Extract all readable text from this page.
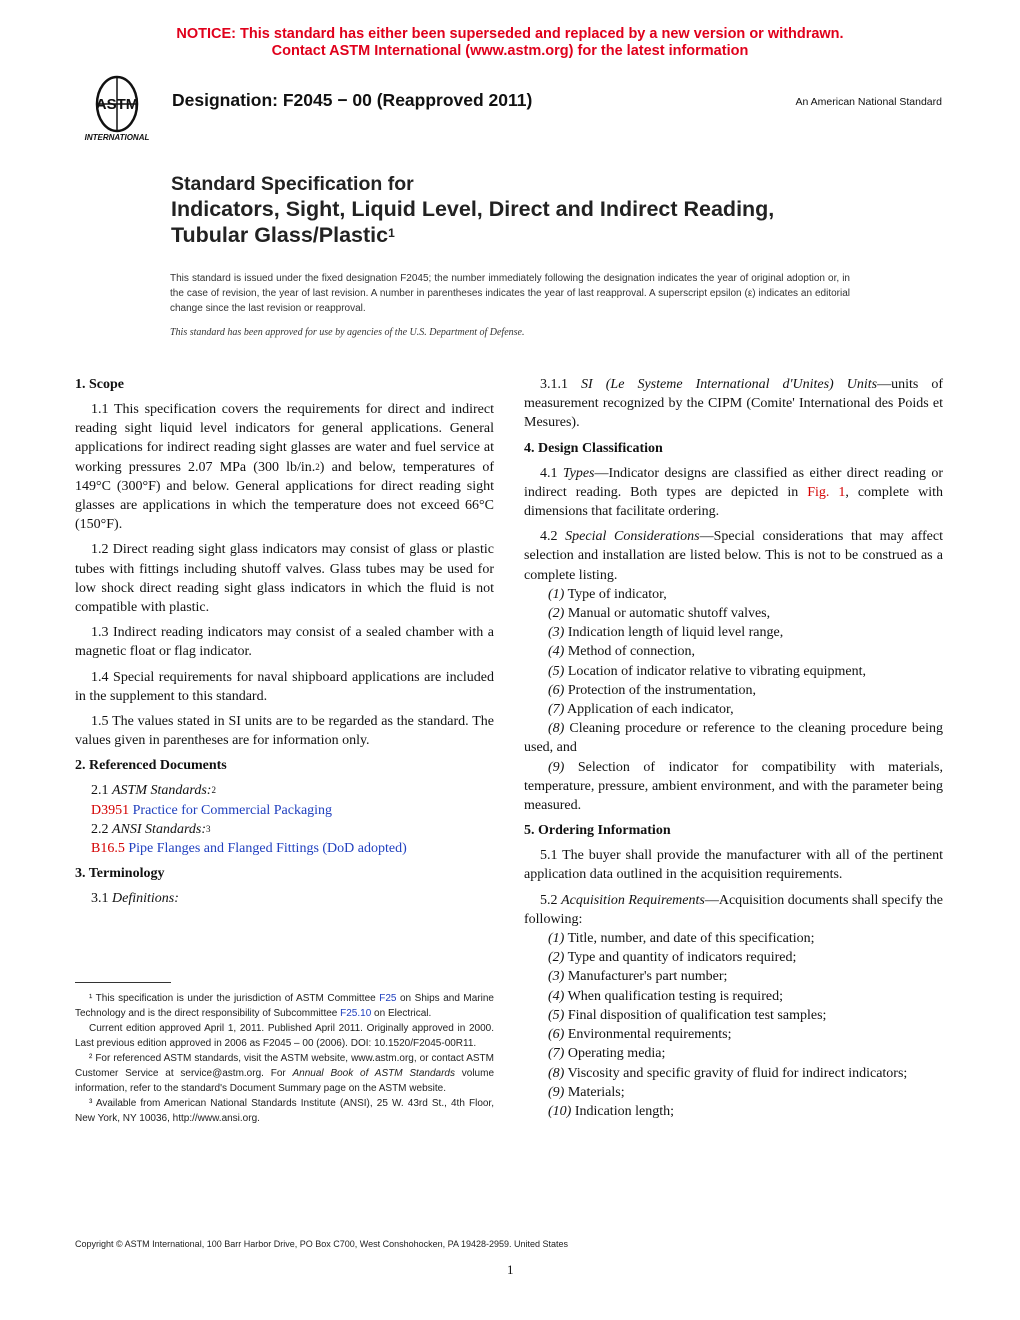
NOTICE: This standard has either been superseded and replaced by a new version or withdrawn.
Contact ASTM International (www.astm.org) for the latest information
ASTM
INTERNATIONAL
Designation: F2045 − 00 (Reapproved 2011)	An American National Standard
Standard Specification for
Indicators, Sight, Liquid Level, Direct and Indirect Reading,
Tubular Glass/Plastic$^1$
This standard is issued under the fixed designation F2045; the number immediately following the designation indicates the year of original adoption or, in the case of revision, the year of last revision. A number in parentheses indicates the year of last reapproval. A superscript epsilon (ε) indicates an editorial change since the last revision or reapproval.
This standard has been approved for use by agencies of the U.S. Department of Defense.
1. Scope

1.1 This specification covers the requirements for direct and indirect reading sight liquid level indicators for general applications. General applications for indirect reading sight glasses are water and fuel service at working pressures 2.07 MPa (300 lb/in.$^2$) and below, temperatures of 149°C (300°F) and below. General applications for direct reading sight glasses are applications in which the temperature does not exceed 66°C (150°F).

1.2 Direct reading sight glass indicators may consist of glass or plastic tubes with fittings including shutoff valves. Glass tubes may be used for low shock direct reading sight glass indicators in which the fluid is not compatible with plastic.

1.3 Indirect reading indicators may consist of a sealed chamber with a magnetic float or flag indicator.

1.4 Special requirements for naval shipboard applications are included in the supplement to this standard.

1.5 The values stated in SI units are to be regarded as the standard. The values given in parentheses are for information only.

2. Referenced Documents
2.1 ASTM Standards:$^2$
D3951 Practice for Commercial Packaging
2.2 ANSI Standards:$^3$
B16.5 Pipe Flanges and Flanged Fittings (DoD adopted)
3. Terminology
3.1 Definitions:

¹ This specification is under the jurisdiction of ASTM Committee F25 on Ships and Marine Technology and is the direct responsibility of Subcommittee F25.10 on Electrical.

Current edition approved April 1, 2011. Published April 2011. Originally approved in 2000. Last previous edition approved in 2006 as F2045 – 00 (2006). DOI: 10.1520/F2045-00R11.

² For referenced ASTM standards, visit the ASTM website, www.astm.org, or contact ASTM Customer Service at service@astm.org. For Annual Book of ASTM Standards volume information, refer to the standard's Document Summary page on the ASTM website.

³ Available from American National Standards Institute (ANSI), 25 W. 43rd St., 4th Floor, New York, NY 10036, http://www.ansi.org.

3.1.1 SI (Le Systeme International d'Unites) Units—units of measurement recognized by the CIPM (Comite' International des Poids et Mesures).

4. Design Classification

4.1 Types—Indicator designs are classified as either direct reading or indirect reading. Both types are depicted in Fig. 1, complete with dimensions that facilitate ordering.

4.2 Special Considerations—Special considerations that may affect selection and installation are listed below. This is not to be construed as a complete listing.

(1) Type of indicator,
(2) Manual or automatic shutoff valves,
(3) Indication length of liquid level range,
(4) Method of connection,
(5) Location of indicator relative to vibrating equipment,
(6) Protection of the instrumentation,
(7) Application of each indicator,
(8) Cleaning procedure or reference to the cleaning procedure being used, and
(9) Selection of indicator for compatibility with materials, temperature, pressure, ambient environment, and with the parameter being measured.
5. Ordering Information

5.1 The buyer shall provide the manufacturer with all of the pertinent application data outlined in the acquisition requirements.

5.2 Acquisition Requirements—Acquisition documents shall specify the following:

(1) Title, number, and date of this specification;
(2) Type and quantity of indicators required;
(3) Manufacturer's part number;
(4) When qualification testing is required;
(5) Final disposition of qualification test samples;
(6) Environmental requirements;
(7) Operating media;
(8) Viscosity and specific gravity of fluid for indirect indicators;
(9) Materials;
(10) Indication length;
Copyright © ASTM International, 100 Barr Harbor Drive, PO Box C700, West Conshohocken, PA 19428-2959. United States
1
